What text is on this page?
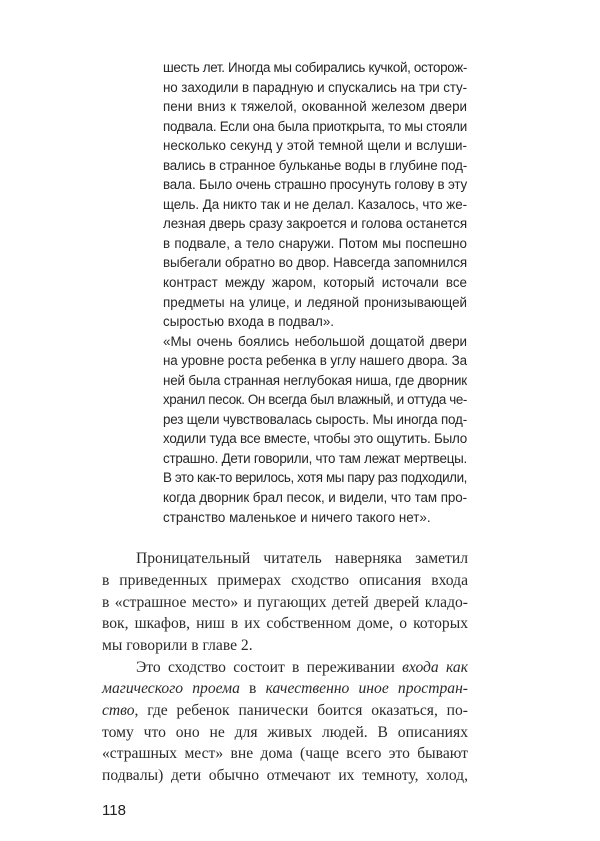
шесть лет. Иногда мы собирались кучкой, осторож-
но заходили в парадную и спускались на три сту-
пени вниз к тяжелой, окованной железом двери
подвала. Если она была приоткрыта, то мы стояли
несколько секунд у этой темной щели и вслуши-
вались в странное бульканье воды в глубине под-
вала. Было очень страшно просунуть голову в эту
щель. Да никто так и не делал. Казалось, что же-
лезная дверь сразу закроется и голова останется
в подвале, а тело снаружи. Потом мы поспешно
выбегали обратно во двор. Навсегда запомнился
контраст между жаром, который источали все
предметы на улице, и ледяной пронизывающей
сыростью входа в подвал».
«Мы очень боялись небольшой дощатой двери
на уровне роста ребенка в углу нашего двора. За
ней была странная неглубокая ниша, где дворник
хранил песок. Он всегда был влажный, и оттуда че-
рез щели чувствовалась сырость. Мы иногда под-
ходили туда все вместе, чтобы это ощутить. Было
страшно. Дети говорили, что там лежат мертвецы.
В это как-то верилось, хотя мы пару раз подходили,
когда дворник брал песок, и видели, что там про-
странство маленькое и ничего такого нет».
Проницательный читатель наверняка заметил
в приведенных примерах сходство описания входа
в «страшное место» и пугающих детей дверей кладо-
вок, шкафов, ниш в их собственном доме, о которых
мы говорили в главе 2.
Это сходство состоит в переживании входа как
магического проема в качественно иное простран-
ство, где ребенок панически боится оказаться, по-
тому что оно не для живых людей. В описаниях
«страшных мест» вне дома (чаще всего это бывают
подвалы) дети обычно отмечают их темноту, холод,
118
